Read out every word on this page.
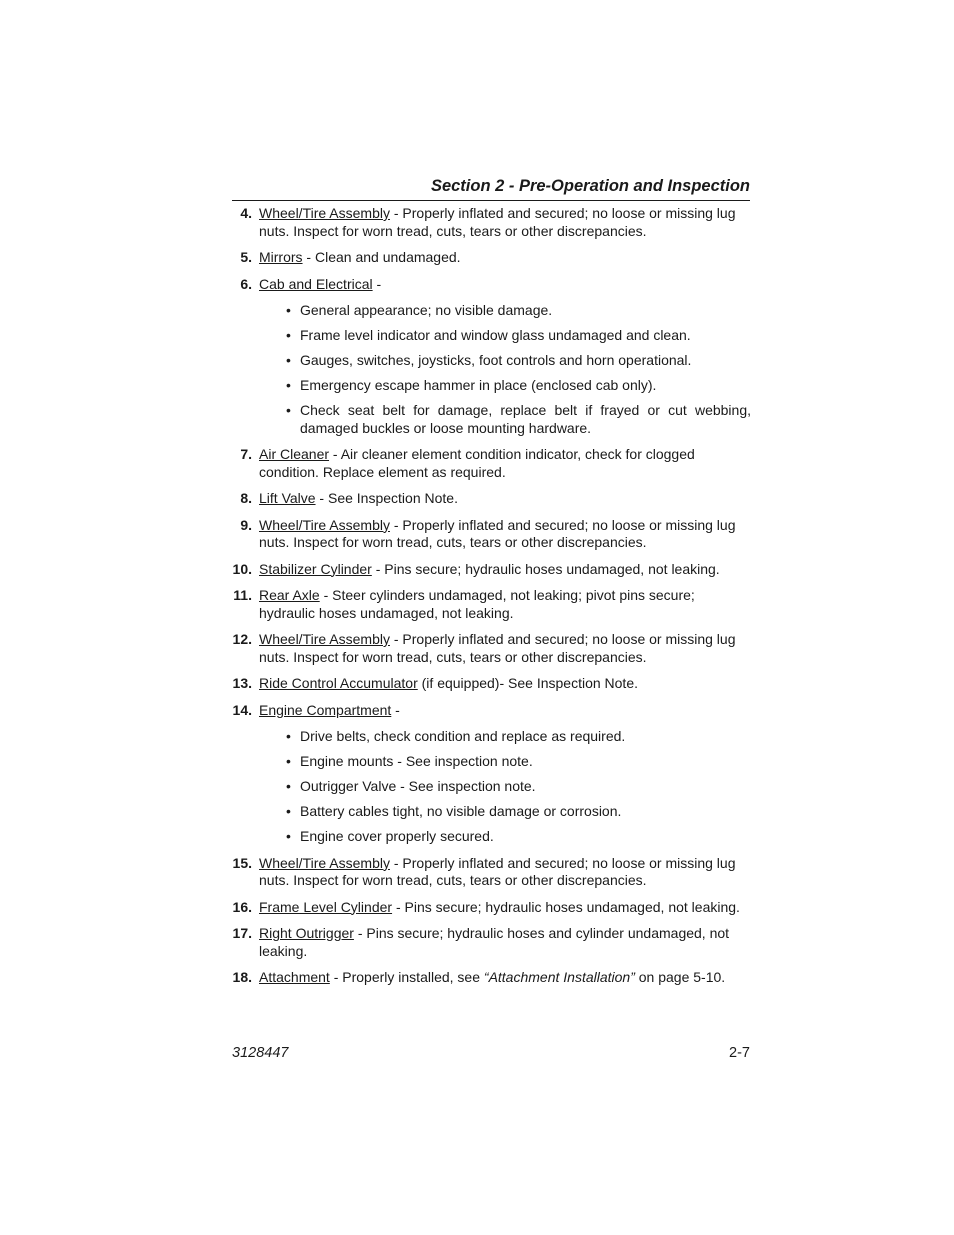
Section 2 - Pre-Operation and Inspection
4. Wheel/Tire Assembly - Properly inflated and secured; no loose or missing lug nuts. Inspect for worn tread, cuts, tears or other discrepancies.
5. Mirrors - Clean and undamaged.
6. Cab and Electrical -
• General appearance; no visible damage.
• Frame level indicator and window glass undamaged and clean.
• Gauges, switches, joysticks, foot controls and horn operational.
• Emergency escape hammer in place (enclosed cab only).
• Check seat belt for damage, replace belt if frayed or cut webbing, damaged buckles or loose mounting hardware.
7. Air Cleaner - Air cleaner element condition indicator, check for clogged condition. Replace element as required.
8. Lift Valve - See Inspection Note.
9. Wheel/Tire Assembly - Properly inflated and secured; no loose or missing lug nuts. Inspect for worn tread, cuts, tears or other discrepancies.
10. Stabilizer Cylinder - Pins secure; hydraulic hoses undamaged, not leaking.
11. Rear Axle - Steer cylinders undamaged, not leaking; pivot pins secure; hydraulic hoses undamaged, not leaking.
12. Wheel/Tire Assembly - Properly inflated and secured; no loose or missing lug nuts. Inspect for worn tread, cuts, tears or other discrepancies.
13. Ride Control Accumulator (if equipped)- See Inspection Note.
14. Engine Compartment -
• Drive belts, check condition and replace as required.
• Engine mounts - See inspection note.
• Outrigger Valve - See inspection note.
• Battery cables tight, no visible damage or corrosion.
• Engine cover properly secured.
15. Wheel/Tire Assembly - Properly inflated and secured; no loose or missing lug nuts. Inspect for worn tread, cuts, tears or other discrepancies.
16. Frame Level Cylinder - Pins secure; hydraulic hoses undamaged, not leaking.
17. Right Outrigger - Pins secure; hydraulic hoses and cylinder undamaged, not leaking.
18. Attachment - Properly installed, see “Attachment Installation” on page 5-10.
3128447	2-7
